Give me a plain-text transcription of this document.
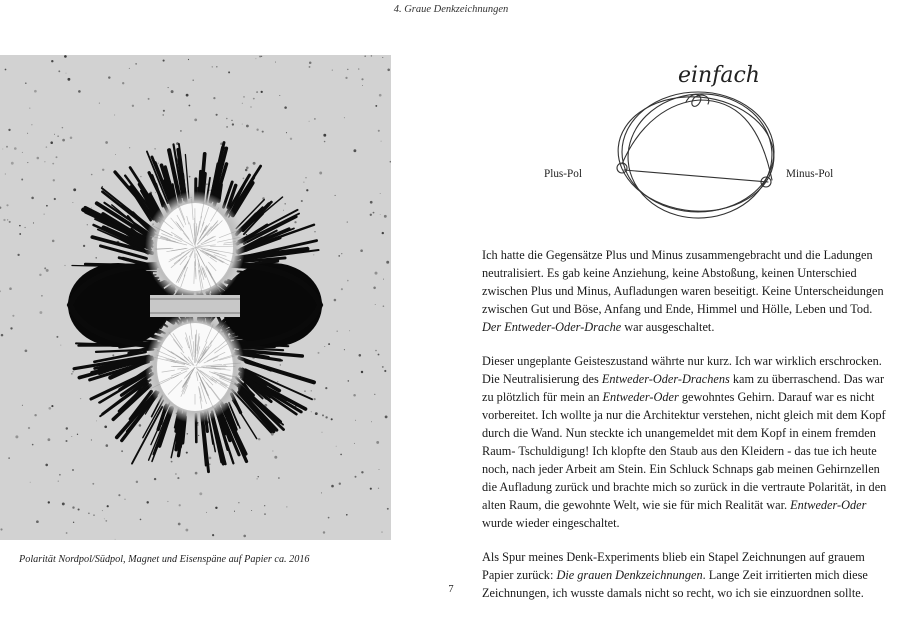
4. Graue Denkzeichnungen
Polarität Nordpol/Südpol, Magnet und Eisenspäne auf Papier ca. 2016
einfach
Plus-Pol	Minus-Pol

Ich hatte die Gegensätze Plus und Minus zusammengebracht und die Ladungen neutralisiert. Es gab keine Anziehung, keine Abstoßung, keinen Unterschied zwischen Plus und Minus, Aufladungen waren beseitigt. Keine Unterscheidungen zwischen Gut und Böse, Anfang und Ende, Himmel und Hölle, Leben und Tod. Der Entweder-Oder-Drache war ausgeschaltet.

Dieser ungeplante Geisteszustand währte nur kurz. Ich war wirklich erschrocken. Die Neutralisierung des Entweder-Oder-Drachens kam zu überraschend. Das war zu plötzlich für mein an Entweder-Oder gewohntes Gehirn. Darauf war es nicht vorbereitet. Ich wollte ja nur die Architektur verstehen, nicht gleich mit dem Kopf durch die Wand. Nun steckte ich unangemeldet mit dem Kopf in einem fremden Raum- Tschuldigung! Ich klopfte den Staub aus den Kleidern - das tue ich heute noch, nach jeder Arbeit am Stein. Ein Schluck Schnaps gab meinen Gehirnzellen die Aufladung zurück und brachte mich so zurück in die vertraute Polarität, in den alten Raum, die gewohnte Welt, wie sie für mich Realität war. Entweder-Oder wurde wieder eingeschaltet.

Als Spur meines Denk-Experiments blieb ein Stapel Zeichnungen auf grauem Papier zurück: Die grauen Denkzeichnungen. Lange Zeit irritierten mich diese Zeichnungen, ich wusste damals nicht so recht, wo ich sie einzuordnen sollte.

7
